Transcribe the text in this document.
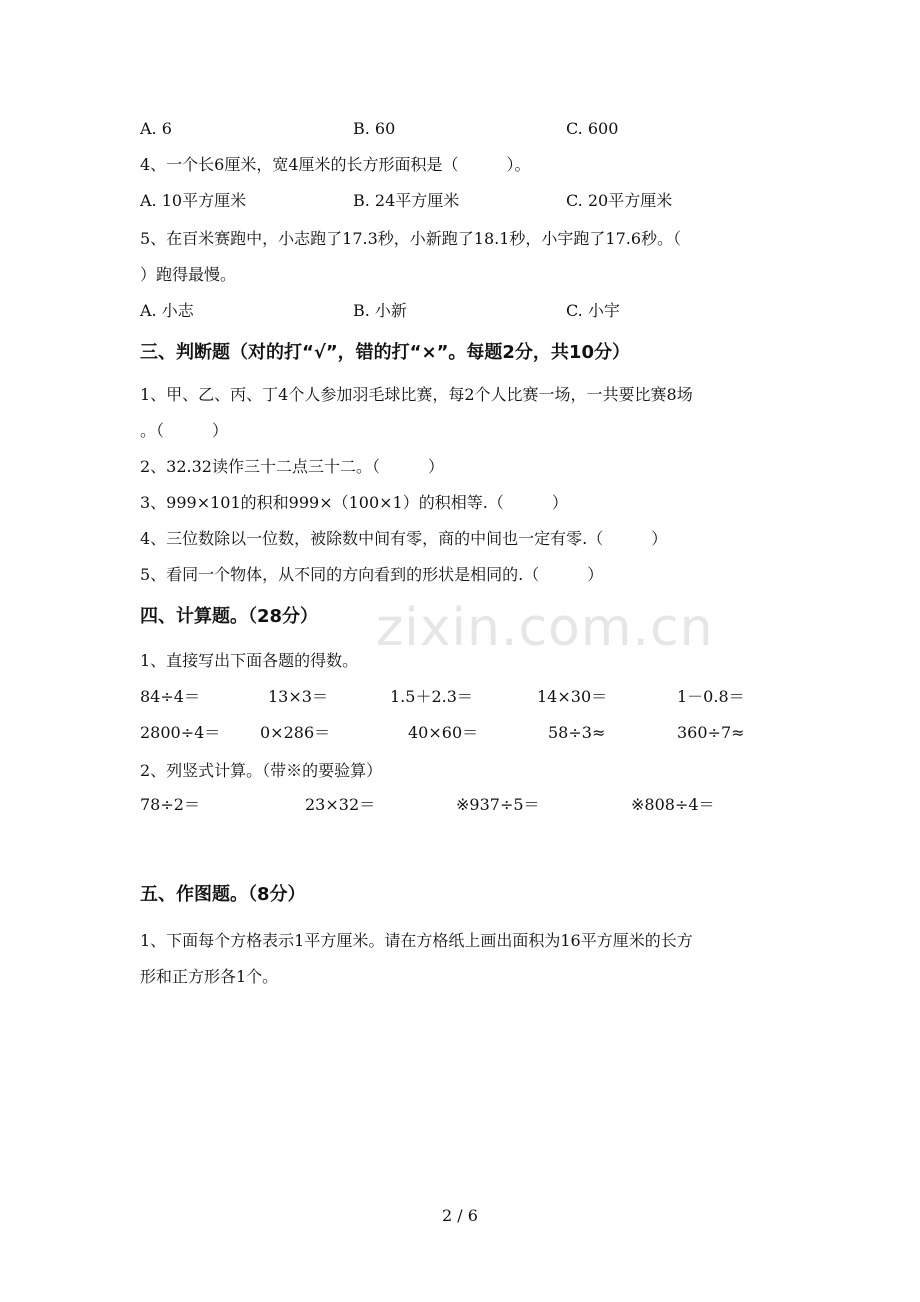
zixin.com.cn
A. 6	B. 60	C. 600
4、一个长6厘米，宽4厘米的长方形面积是（　　　）。
A. 10平方厘米	B. 24平方厘米	C. 20平方厘米
5、在百米赛跑中，小志跑了17.3秒，小新跑了18.1秒，小宇跑了17.6秒。（
）跑得最慢。
A. 小志	B. 小新	C. 小宇
三、判断题（对的打“√”，错的打“×”。每题2分，共10分）
1、甲、乙、丙、丁4个人参加羽毛球比赛，每2个人比赛一场，一共要比赛8场
。（　　　）
2、32.32读作三十二点三十二。（　　　）
3、999×101的积和999×（100×1）的积相等.（　　　）
4、三位数除以一位数，被除数中间有零，商的中间也一定有零.（　　　）
5、看同一个物体，从不同的方向看到的形状是相同的.（　　　）
四、计算题。（28分）
1、直接写出下面各题的得数。
84÷4＝	13×3＝	1.5＋2.3＝	14×30＝	1－0.8＝
2800÷4＝ 0×286＝	40×60＝	58÷3≈	360÷7≈
2、列竖式计算。（带※的要验算）
78÷2＝	23×32＝	※937÷5＝	※808÷4＝
五、作图题。（8分）
1、下面每个方格表示1平方厘米。请在方格纸上画出面积为16平方厘米的长方
形和正方形各1个。
2 / 6
